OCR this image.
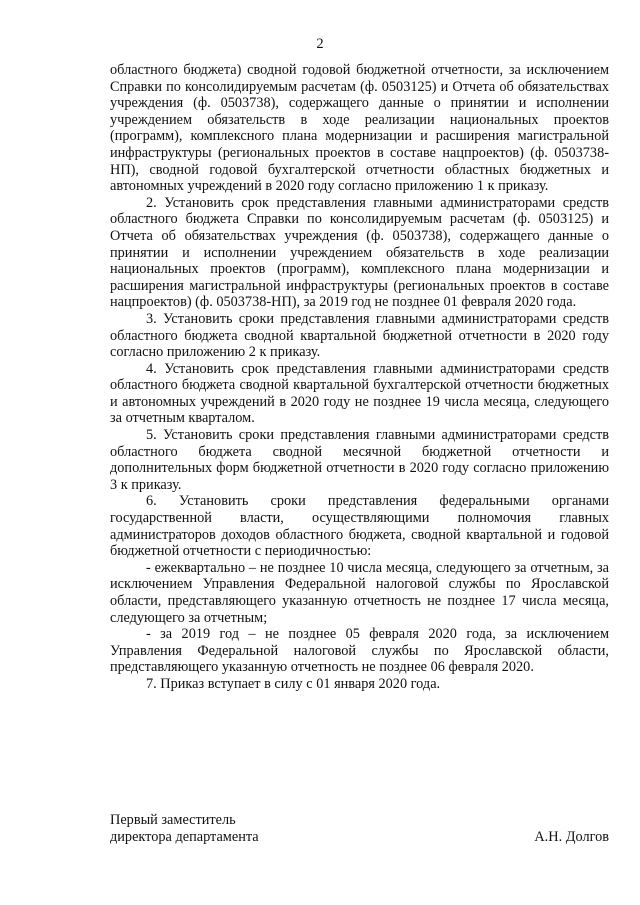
2

областного бюджета) сводной годовой бюджетной отчетности, за исключением Справки по консолидируемым расчетам (ф. 0503125) и Отчета об обязательствах учреждения (ф. 0503738), содержащего данные о принятии и исполнении учреждением обязательств в ходе реализации национальных проектов (программ), комплексного плана модернизации и расширения магистральной инфраструктуры (региональных проектов в составе нацпроектов) (ф. 0503738-НП), сводной годовой бухгалтерской отчетности областных бюджетных и автономных учреждений в 2020 году согласно приложению 1 к приказу.

2. Установить срок представления главными администраторами средств областного бюджета Справки по консолидируемым расчетам (ф. 0503125) и Отчета об обязательствах учреждения (ф. 0503738), содержащего данные о принятии и исполнении учреждением обязательств в ходе реализации национальных проектов (программ), комплексного плана модернизации и расширения магистральной инфраструктуры (региональных проектов в составе нацпроектов) (ф. 0503738-НП), за 2019 год не позднее 01 февраля 2020 года.

3. Установить сроки представления главными администраторами средств областного бюджета сводной квартальной бюджетной отчетности в 2020 году согласно приложению 2 к приказу.

4. Установить срок представления главными администраторами средств областного бюджета сводной квартальной бухгалтерской отчетности бюджетных и автономных учреждений в 2020 году не позднее 19 числа месяца, следующего за отчетным кварталом.

5. Установить сроки представления главными администраторами средств областного бюджета сводной месячной бюджетной отчетности и дополнительных форм бюджетной отчетности в 2020 году согласно приложению 3 к приказу.

6. Установить сроки представления федеральными органами государственной власти, осуществляющими полномочия главных администраторов доходов областного бюджета, сводной квартальной и годовой бюджетной отчетности с периодичностью:

- ежеквартально – не позднее 10 числа месяца, следующего за отчетным, за исключением Управления Федеральной налоговой службы по Ярославской области, представляющего указанную отчетность не позднее 17 числа месяца, следующего за отчетным;

- за 2019 год – не позднее 05 февраля 2020 года, за исключением Управления Федеральной налоговой службы по Ярославской области, представляющего указанную отчетность не позднее 06 февраля 2020.

7. Приказ вступает в силу с 01 января 2020 года.

Первый заместитель
директора департамента	А.Н. Долгов
